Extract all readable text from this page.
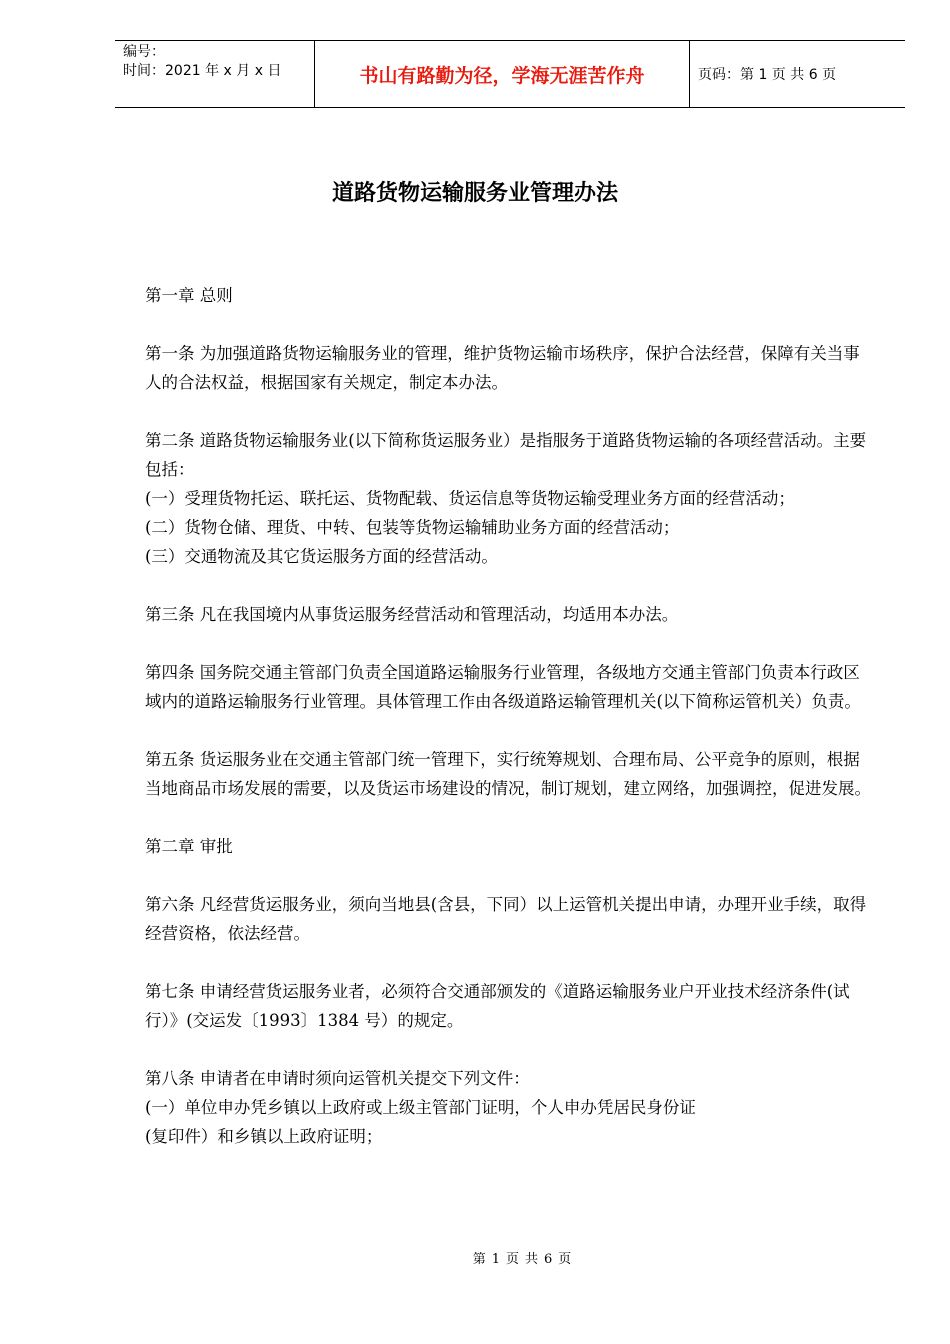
编号：
时间：2021 年 x 月 x 日	书山有路勤为径，学海无涯苦作舟	页码：第 1 页 共 6 页
道路货物运输服务业管理办法

第一章 总则

第一条 为加强道路货物运输服务业的管理，维护货物运输市场秩序，保护合法经营，保障有关当事人的合法权益，根据国家有关规定，制定本办法。

第二条 道路货物运输服务业(以下简称货运服务业）是指服务于道路货物运输的各项经营活动。主要包括：

(一）受理货物托运、联托运、货物配载、货运信息等货物运输受理业务方面的经营活动；

(二）货物仓储、理货、中转、包装等货物运输辅助业务方面的经营活动；

(三）交通物流及其它货运服务方面的经营活动。

第三条 凡在我国境内从事货运服务经营活动和管理活动，均适用本办法。

第四条 国务院交通主管部门负责全国道路运输服务行业管理，各级地方交通主管部门负责本行政区域内的道路运输服务行业管理。具体管理工作由各级道路运输管理机关(以下简称运管机关）负责。

第五条 货运服务业在交通主管部门统一管理下，实行统筹规划、合理布局、公平竞争的原则，根据当地商品市场发展的需要，以及货运市场建设的情况，制订规划，建立网络，加强调控，促进发展。

第二章 审批

第六条 凡经营货运服务业，须向当地县(含县，下同）以上运管机关提出申请，办理开业手续，取得经营资格，依法经营。

第七条 申请经营货运服务业者，必须符合交通部颁发的《道路运输服务业户开业技术经济条件(试行）》(交运发〔1993〕1384 号）的规定。

第八条 申请者在申请时须向运管机关提交下列文件：

(一）单位申办凭乡镇以上政府或上级主管部门证明，个人申办凭居民身份证

(复印件）和乡镇以上政府证明；

第 1 页 共 6 页
